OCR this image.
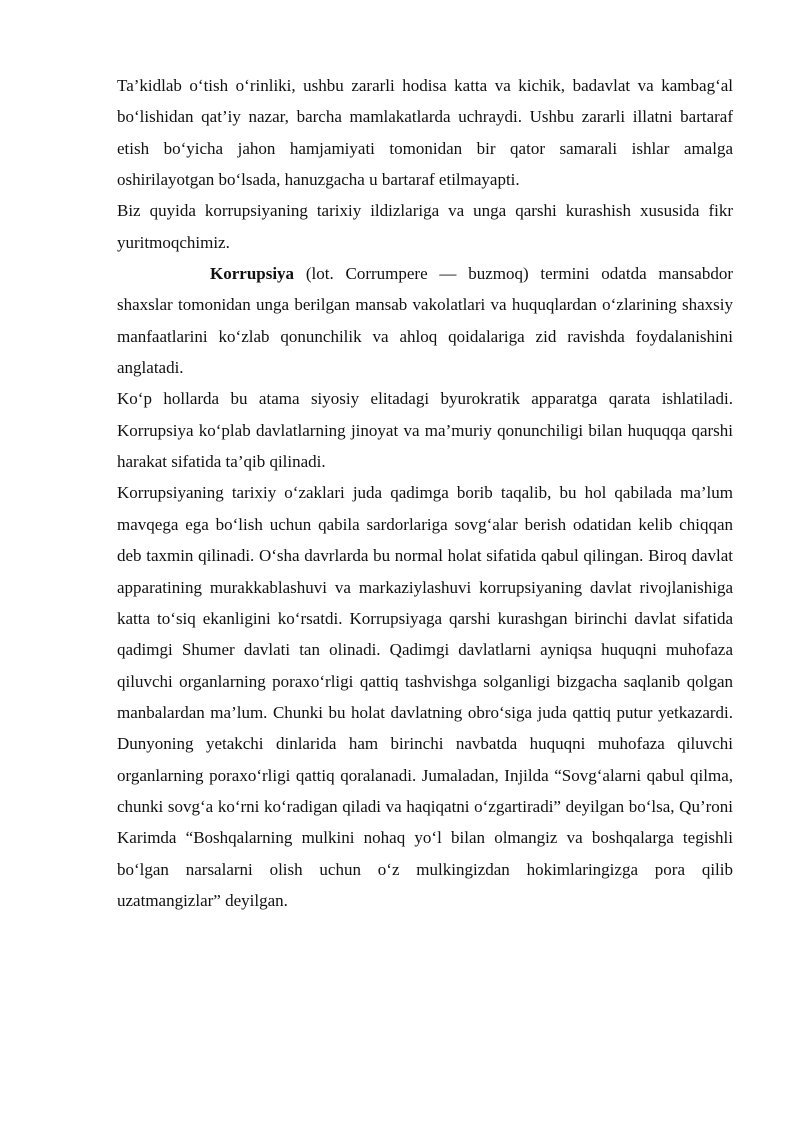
Ta’kidlab o‘tish o‘rinliki, ushbu zararli hodisa katta va kichik, badavlat va kambag‘al bo‘lishidan qat’iy nazar, barcha mamlakatlarda uchraydi. Ushbu zararli illatni bartaraf etish bo‘yicha jahon hamjamiyati tomonidan bir qator samarali ishlar amalga oshirilayotgan bo‘lsada, hanuzgacha u bartaraf etilmayapti.

Biz quyida korrupsiyaning tarixiy ildizlariga va unga qarshi kurashish xususida fikr yuritmoqchimiz.

Korrupsiya (lot. Corrumpere — buzmoq) termini odatda mansabdor shaxslar tomonidan unga berilgan mansab vakolatlari va huquqlardan o‘zlarining shaxsiy manfaatlarini ko‘zlab qonunchilik va ahloq qoidalariga zid ravishda foydalanishini anglatadi.

Ko‘p hollarda bu atama siyosiy elitadagi byurokratik apparatga qarata ishlatiladi. Korrupsiya ko‘plab davlatlarning jinoyat va ma’muriy qonunchiligi bilan huquqqa qarshi harakat sifatida ta’qib qilinadi.

Korrupsiyaning tarixiy o‘zaklari juda qadimga borib taqalib, bu hol qabilada ma’lum mavqega ega bo‘lish uchun qabila sardorlariga sovg‘alar berish odatidan kelib chiqqan deb taxmin qilinadi. O‘sha davrlarda bu normal holat sifatida qabul qilingan. Biroq davlat apparatining murakkablashuvi va markaziylashuvi korrupsiyaning davlat rivojlanishiga katta to‘siq ekanligini ko‘rsatdi. Korrupsiyaga qarshi kurashgan birinchi davlat sifatida qadimgi Shumer davlati tan olinadi. Qadimgi davlatlarni ayniqsa huquqni muhofaza qiluvchi organlarning poraxo‘rligi qattiq tashvishga solganligi bizgacha saqlanib qolgan manbalardan ma’lum. Chunki bu holat davlatning obro‘siga juda qattiq putur yetkazardi. Dunyoning yetakchi dinlarida ham birinchi navbatda huquqni muhofaza qiluvchi organlarning poraxo‘rligi qattiq qoralanadi. Jumaladan, Injilda “Sovg‘alarni qabul qilma, chunki sovg‘a ko‘rni ko‘radigan qiladi va haqiqatni o‘zgartiradi” deyilgan bo‘lsa, Qu’roni Karimda “Boshqalarning mulkini nohaq yo‘l bilan olmangiz va boshqalarga tegishli bo‘lgan narsalarni olish uchun o‘z mulkingizdan hokimlaringizga pora qilib uzatmangizlar” deyilgan.
